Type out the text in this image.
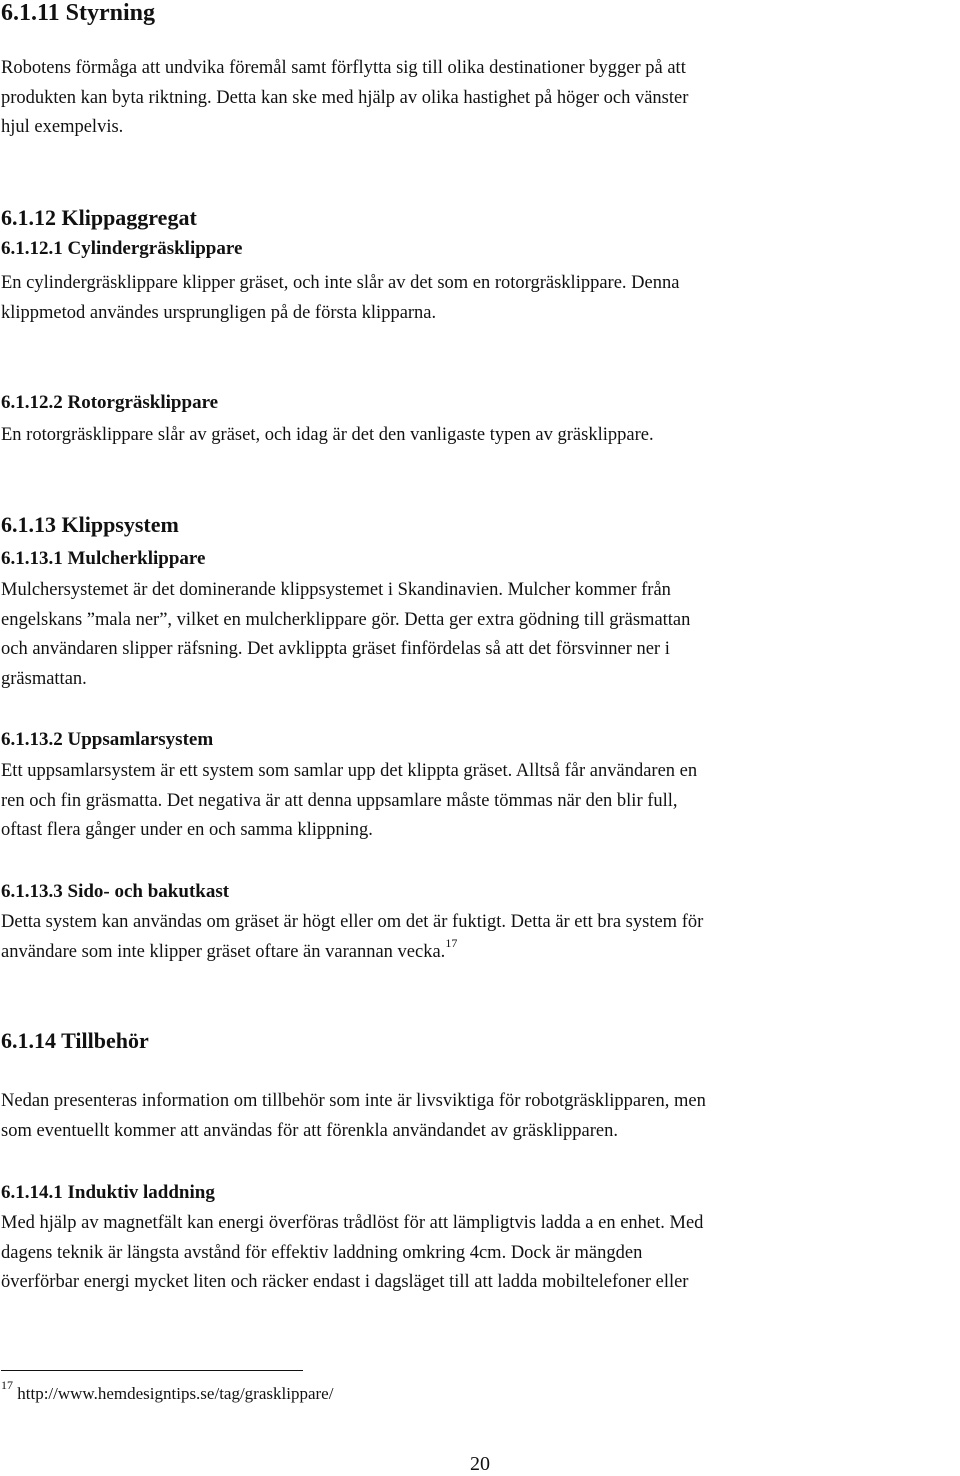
6.1.11 Styrning
Robotens förmåga att undvika föremål samt förflytta sig till olika destinationer bygger på att
produkten kan byta riktning. Detta kan ske med hjälp av olika hastighet på höger och vänster
hjul exempelvis.
6.1.12 Klippaggregat
6.1.12.1 Cylindergräsklippare
En cylindergräsklippare klipper gräset, och inte slår av det som en rotorgräsklippare. Denna
klippmetod användes ursprungligen på de första klipparna.
6.1.12.2 Rotorgräsklippare
En rotorgräsklippare slår av gräset, och idag är det den vanligaste typen av gräsklippare.
6.1.13 Klippsystem
6.1.13.1 Mulcherklippare
Mulchersystemet är det dominerande klippsystemet i Skandinavien. Mulcher kommer från
engelskans ”mala ner”, vilket en mulcherklippare gör. Detta ger extra gödning till gräsmattan
och användaren slipper räfsning. Det avklippta gräset finfördelas så att det försvinner ner i
gräsmattan.
6.1.13.2 Uppsamlarsystem
Ett uppsamlarsystem är ett system som samlar upp det klippta gräset. Alltså får användaren en
ren och fin gräsmatta. Det negativa är att denna uppsamlare måste tömmas när den blir full,
oftast flera gånger under en och samma klippning.
6.1.13.3 Sido- och bakutkast
Detta system kan användas om gräset är högt eller om det är fuktigt. Detta är ett bra system för
användare som inte klipper gräset oftare än varannan vecka.$^{17}$
6.1.14 Tillbehör
Nedan presenteras information om tillbehör som inte är livsviktiga för robotgräsklipparen, men
som eventuellt kommer att användas för att förenkla användandet av gräsklipparen.
6.1.14.1 Induktiv laddning
Med hjälp av magnetfält kan energi överföras trådlöst för att lämpligtvis ladda a en enhet. Med
dagens teknik är längsta avstånd för effektiv laddning omkring 4cm. Dock är mängden
överförbar energi mycket liten och räcker endast i dagsläget till att ladda mobiltelefoner eller
$^{17}$ http://www.hemdesigntips.se/tag/grasklippare/
20
